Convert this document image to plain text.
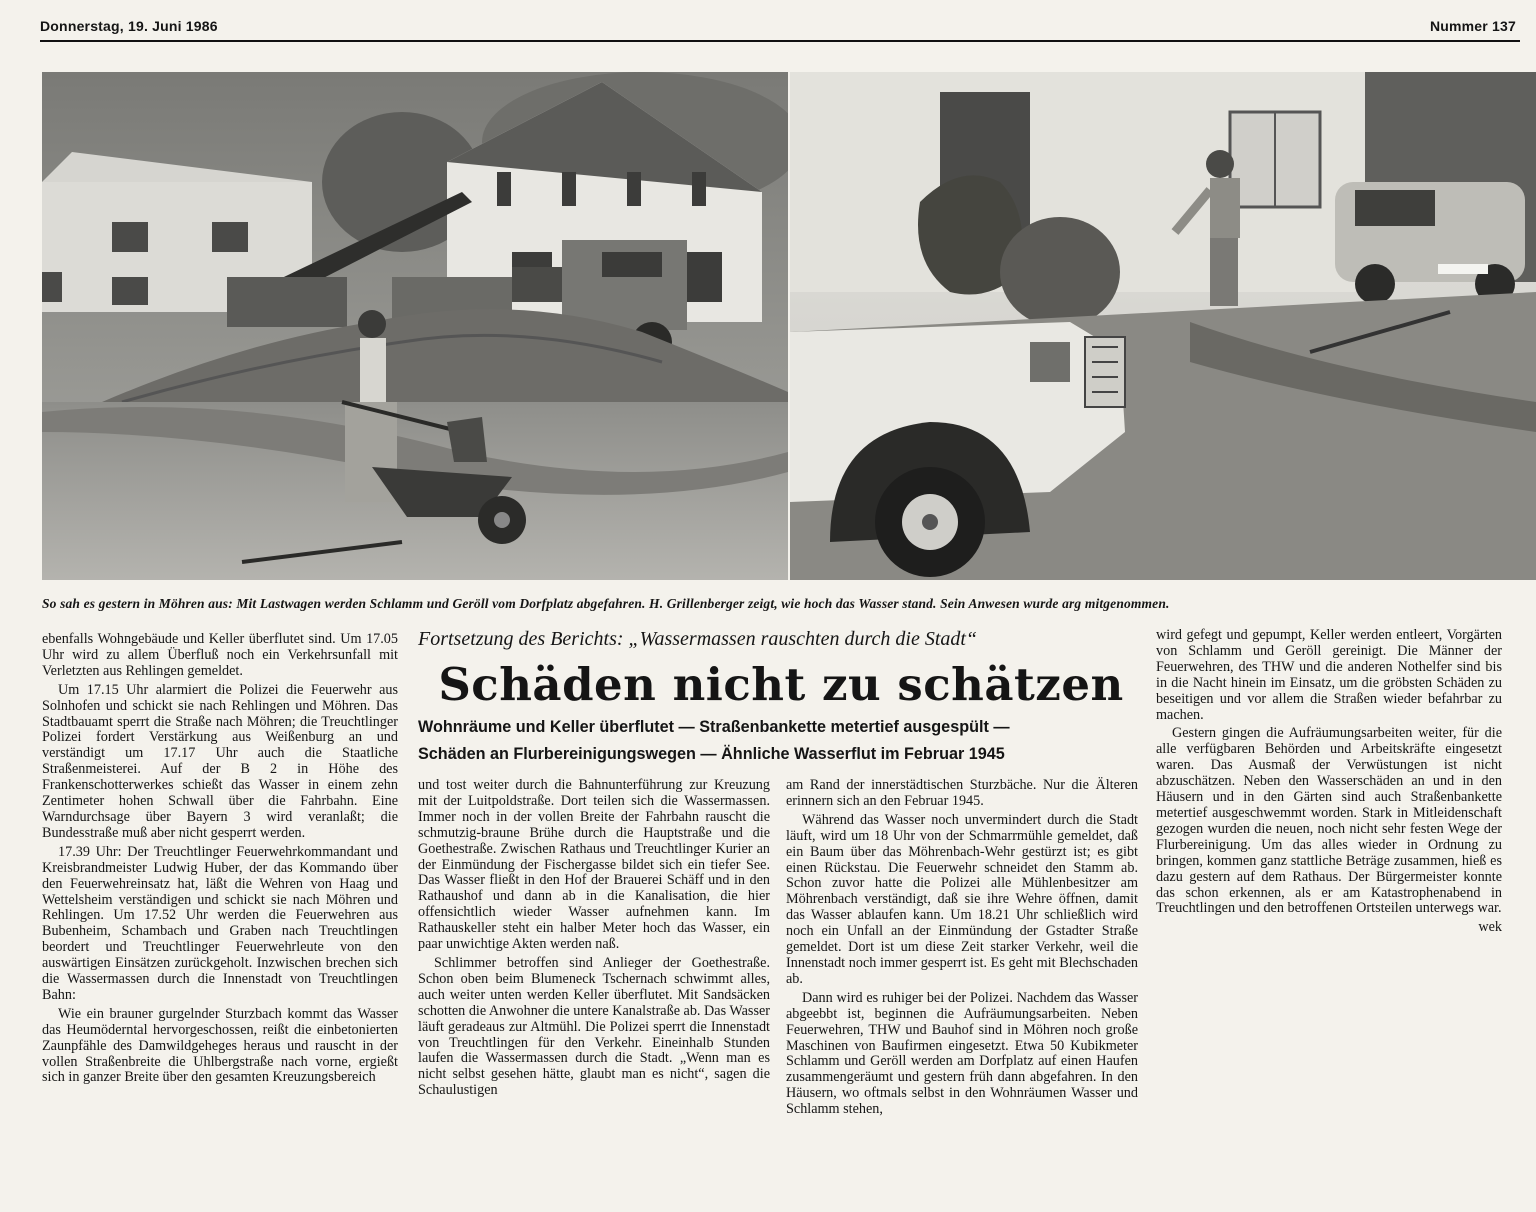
Donnerstag, 19. Juni 1986	Nummer 137
So sah es gestern in Möhren aus: Mit Lastwagen werden Schlamm und Geröll vom Dorfplatz abgefahren. H. Grillenberger zeigt, wie hoch das Wasser stand. Sein Anwesen wurde arg mitgenommen.

ebenfalls Wohngebäude und Keller überflutet sind. Um 17.05 Uhr wird zu allem Überfluß noch ein Verkehrsunfall mit Verletzten aus Rehlingen gemeldet.

Um 17.15 Uhr alarmiert die Polizei die Feuerwehr aus Solnhofen und schickt sie nach Rehlingen und Möhren. Das Stadtbauamt sperrt die Straße nach Möhren; die Treuchtlinger Polizei fordert Verstärkung aus Weißenburg an und verständigt um 17.17 Uhr auch die Staatliche Straßenmeisterei. Auf der B 2 in Höhe des Frankenschotterwerkes schießt das Wasser in einem zehn Zentimeter hohen Schwall über die Fahrbahn. Eine Warndurchsage über Bayern 3 wird veranlaßt; die Bundesstraße muß aber nicht gesperrt werden.

17.39 Uhr: Der Treuchtlinger Feuerwehrkommandant und Kreisbrandmeister Ludwig Huber, der das Kommando über den Feuerwehreinsatz hat, läßt die Wehren von Haag und Wettelsheim verständigen und schickt sie nach Möhren und Rehlingen. Um 17.52 Uhr werden die Feuerwehren aus Bubenheim, Schambach und Graben nach Treuchtlingen beordert und Treuchtlinger Feuerwehrleute von den auswärtigen Einsätzen zurückgeholt. Inzwischen brechen sich die Wassermassen durch die Innenstadt von Treuchtlingen Bahn:

Wie ein brauner gurgelnder Sturzbach kommt das Wasser das Heumöderntal hervorgeschossen, reißt die einbetonierten Zaunpfähle des Damwildgeheges heraus und rauscht in der vollen Straßenbreite die Uhlbergstraße nach vorne, ergießt sich in ganzer Breite über den gesamten Kreuzungsbereich

Fortsetzung des Berichts: „Wassermassen rauschten durch die Stadt“
Schäden nicht zu schätzen
Wohnräume und Keller überflutet — Straßenbankette metertief ausgespült —
Schäden an Flurbereinigungswegen — Ähnliche Wasserflut im Februar 1945

und tost weiter durch die Bahnunterführung zur Kreuzung mit der Luitpoldstraße. Dort teilen sich die Wassermassen. Immer noch in der vollen Breite der Fahrbahn rauscht die schmutzig-braune Brühe durch die Hauptstraße und die Goethestraße. Zwischen Rathaus und Treuchtlinger Kurier an der Einmündung der Fischergasse bildet sich ein tiefer See. Das Wasser fließt in den Hof der Brauerei Schäff und in den Rathaushof und dann ab in die Kanalisation, die hier offensichtlich wieder Wasser aufnehmen kann. Im Rathauskeller steht ein halber Meter hoch das Wasser, ein paar unwichtige Akten werden naß.

Schlimmer betroffen sind Anlieger der Goethestraße. Schon oben beim Blumeneck Tschernach schwimmt alles, auch weiter unten werden Keller überflutet. Mit Sandsäcken schotten die Anwohner die untere Kanalstraße ab. Das Wasser läuft geradeaus zur Altmühl. Die Polizei sperrt die Innenstadt von Treuchtlingen für den Verkehr. Eineinhalb Stunden laufen die Wassermassen durch die Stadt. „Wenn man es nicht selbst gesehen hätte, glaubt man es nicht“, sagen die Schaulustigen

am Rand der innerstädtischen Sturzbäche. Nur die Älteren erinnern sich an den Februar 1945.

Während das Wasser noch unvermindert durch die Stadt läuft, wird um 18 Uhr von der Schmarrmühle gemeldet, daß ein Baum über das Möhrenbach-Wehr gestürzt ist; es gibt einen Rückstau. Die Feuerwehr schneidet den Stamm ab. Schon zuvor hatte die Polizei alle Mühlenbesitzer am Möhrenbach verständigt, daß sie ihre Wehre öffnen, damit das Wasser ablaufen kann. Um 18.21 Uhr schließlich wird noch ein Unfall an der Einmündung der Gstadter Straße gemeldet. Dort ist um diese Zeit starker Verkehr, weil die Innenstadt noch immer gesperrt ist. Es geht mit Blechschaden ab.

Dann wird es ruhiger bei der Polizei. Nachdem das Wasser abgeebbt ist, beginnen die Aufräumungsarbeiten. Neben Feuerwehren, THW und Bauhof sind in Möhren noch große Maschinen von Baufirmen eingesetzt. Etwa 50 Kubikmeter Schlamm und Geröll werden am Dorfplatz auf einen Haufen zusammengeräumt und gestern früh dann abgefahren. In den Häusern, wo oftmals selbst in den Wohnräumen Wasser und Schlamm stehen,

wird gefegt und gepumpt, Keller werden entleert, Vorgärten von Schlamm und Geröll gereinigt. Die Männer der Feuerwehren, des THW und die anderen Nothelfer sind bis in die Nacht hinein im Einsatz, um die gröbsten Schäden zu beseitigen und vor allem die Straßen wieder befahrbar zu machen.

Gestern gingen die Aufräumungsarbeiten weiter, für die alle verfügbaren Behörden und Arbeitskräfte eingesetzt waren. Das Ausmaß der Verwüstungen ist nicht abzuschätzen. Neben den Wasserschäden an und in den Häusern und in den Gärten sind auch Straßenbankette metertief ausgeschwemmt worden. Stark in Mitleidenschaft gezogen wurden die neuen, noch nicht sehr festen Wege der Flurbereinigung. Um das alles wieder in Ordnung zu bringen, kommen ganz stattliche Beträge zusammen, hieß es dazu gestern auf dem Rathaus. Der Bürgermeister konnte das schon erkennen, als er am Katastrophenabend in Treuchtlingen und den betroffenen Ortsteilen unterwegs war.

wek
